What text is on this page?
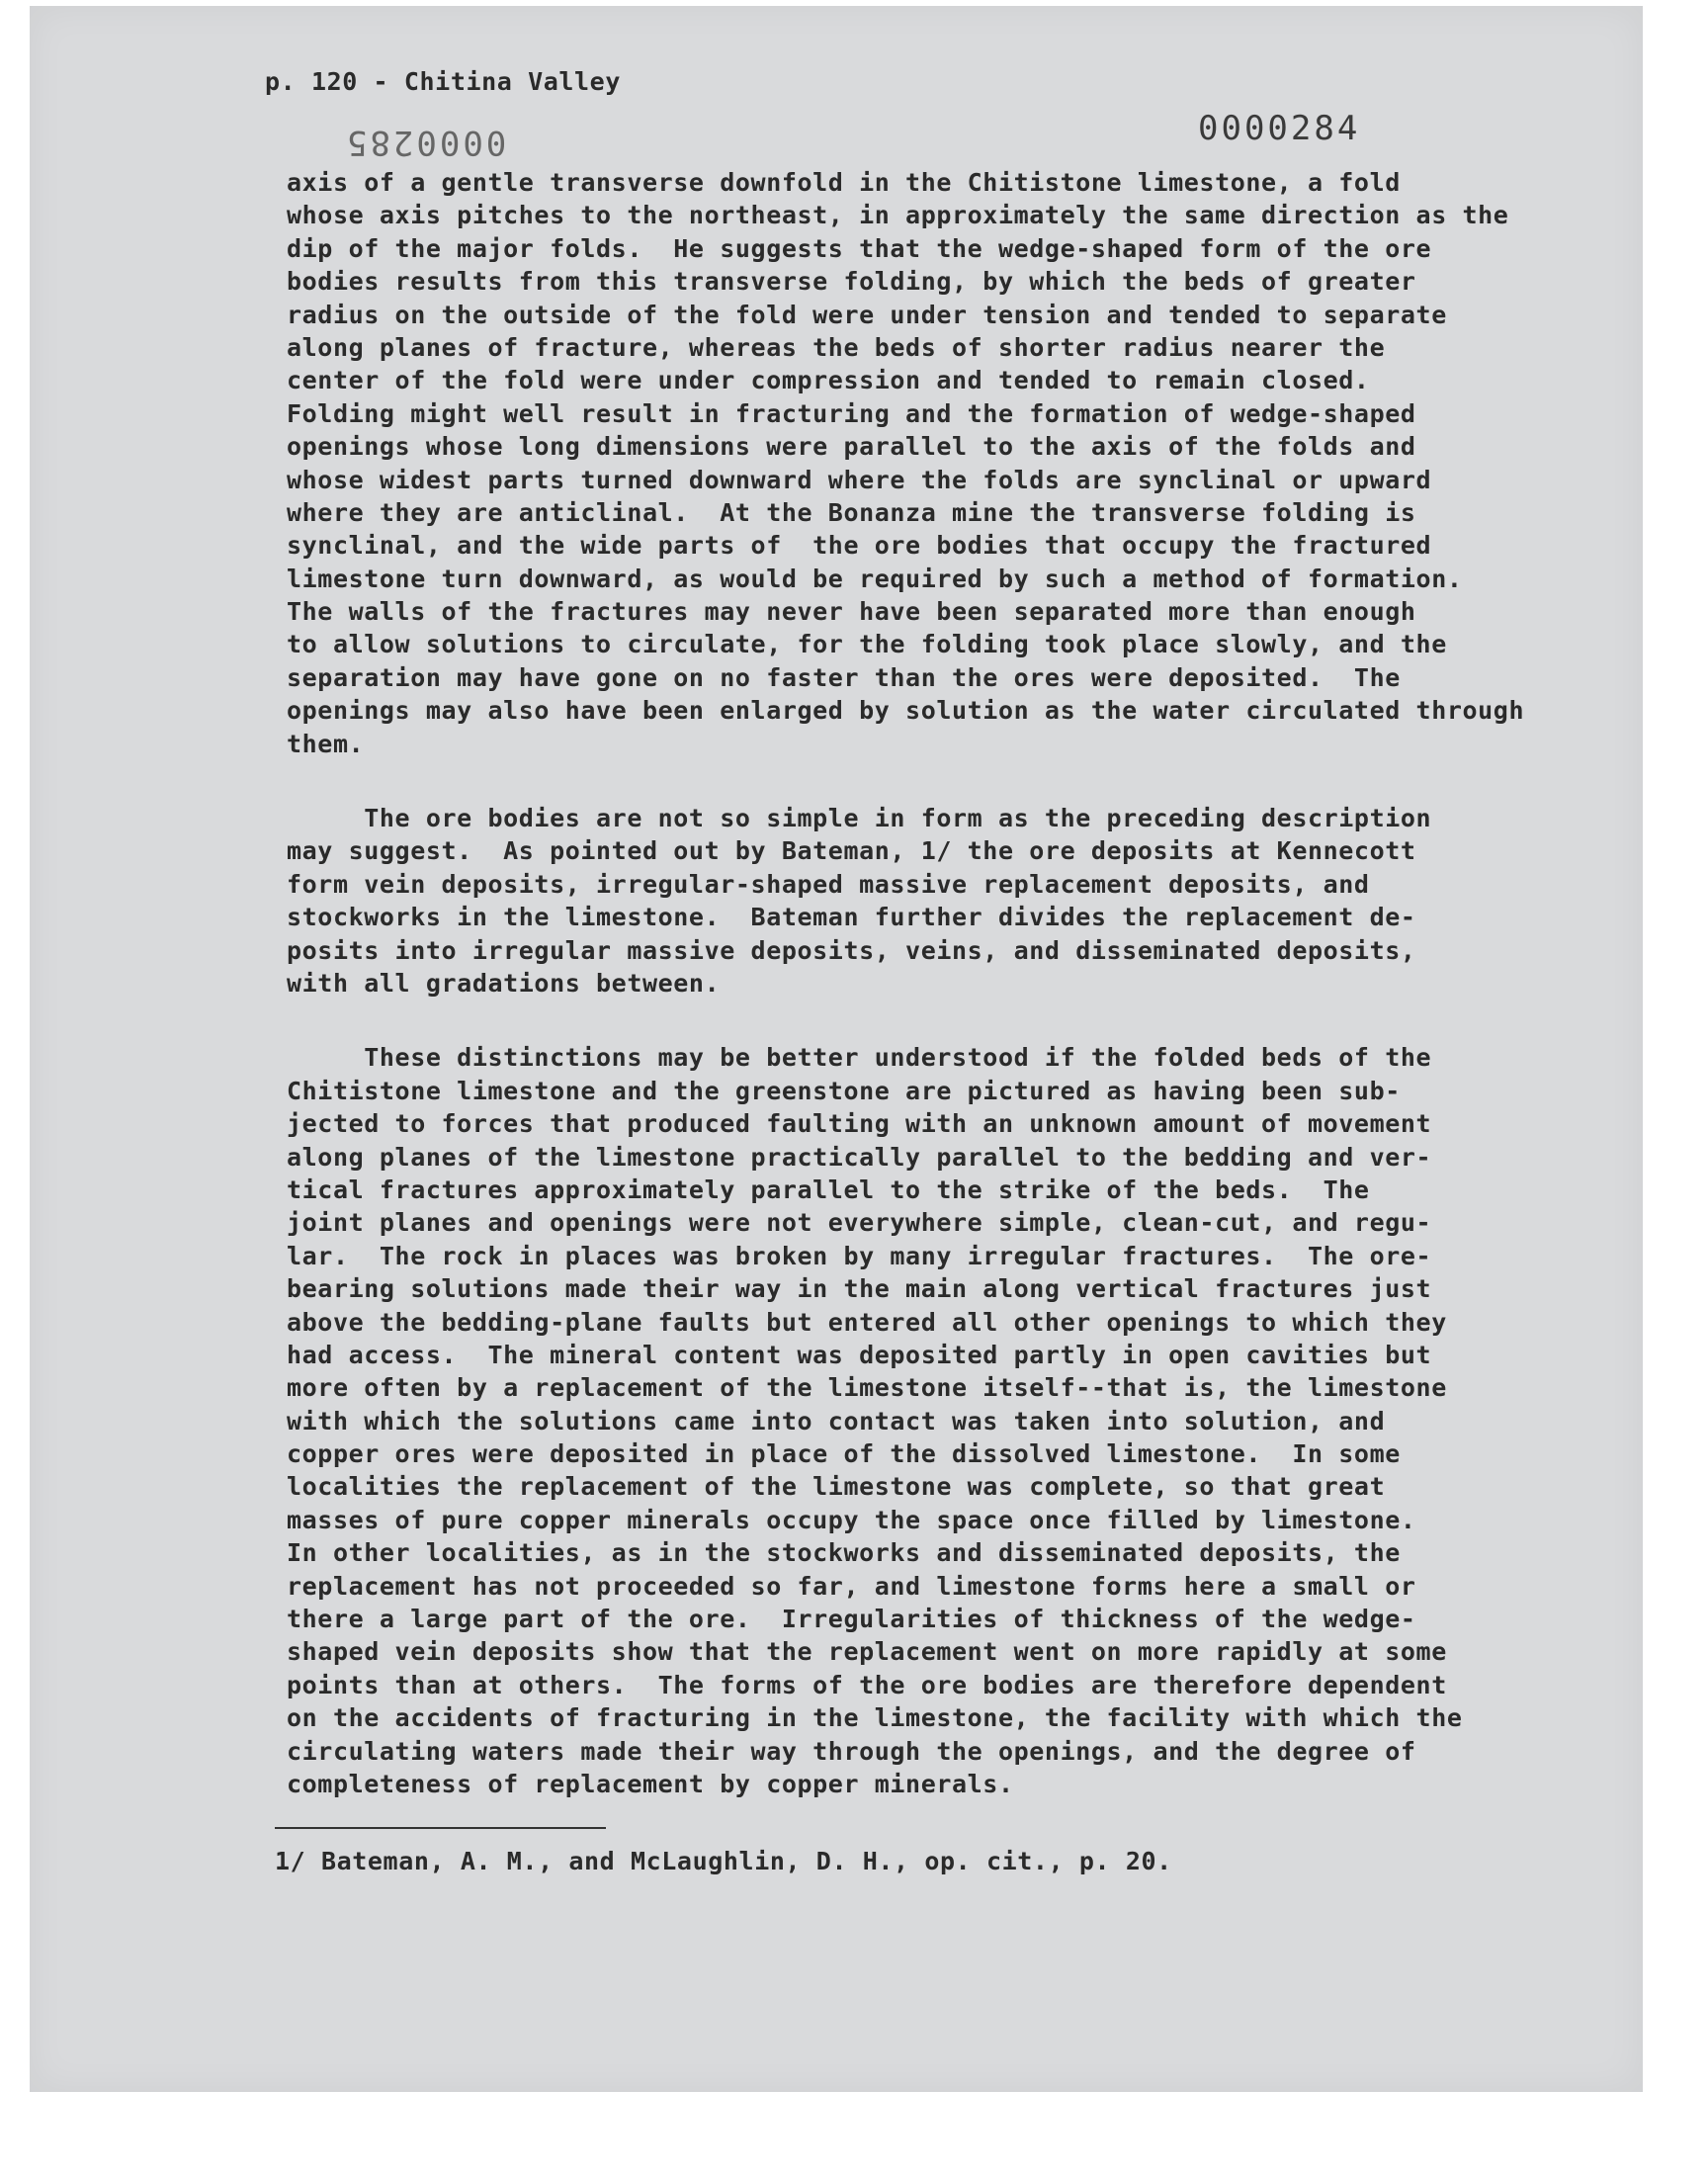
p. 120 - Chitina Valley
0000284
0000285
axis of a gentle transverse downfold in the Chitistone limestone, a fold
whose axis pitches to the northeast, in approximately the same direction as the
dip of the major folds.  He suggests that the wedge-shaped form of the ore
bodies results from this transverse folding, by which the beds of greater
radius on the outside of the fold were under tension and tended to separate
along planes of fracture, whereas the beds of shorter radius nearer the
center of the fold were under compression and tended to remain closed.
Folding might well result in fracturing and the formation of wedge-shaped
openings whose long dimensions were parallel to the axis of the folds and
whose widest parts turned downward where the folds are synclinal or upward
where they are anticlinal.  At the Bonanza mine the transverse folding is
synclinal, and the wide parts of  the ore bodies that occupy the fractured
limestone turn downward, as would be required by such a method of formation.
The walls of the fractures may never have been separated more than enough
to allow solutions to circulate, for the folding took place slowly, and the
separation may have gone on no faster than the ores were deposited.  The
openings may also have been enlarged by solution as the water circulated through
them.
The ore bodies are not so simple in form as the preceding description
may suggest.  As pointed out by Bateman, 1/ the ore deposits at Kennecott
form vein deposits, irregular-shaped massive replacement deposits, and
stockworks in the limestone.  Bateman further divides the replacement de-
posits into irregular massive deposits, veins, and disseminated deposits,
with all gradations between.
These distinctions may be better understood if the folded beds of the
Chitistone limestone and the greenstone are pictured as having been sub-
jected to forces that produced faulting with an unknown amount of movement
along planes of the limestone practically parallel to the bedding and ver-
tical fractures approximately parallel to the strike of the beds.  The
joint planes and openings were not everywhere simple, clean-cut, and regu-
lar.  The rock in places was broken by many irregular fractures.  The ore-
bearing solutions made their way in the main along vertical fractures just
above the bedding-plane faults but entered all other openings to which they
had access.  The mineral content was deposited partly in open cavities but
more often by a replacement of the limestone itself--that is, the limestone
with which the solutions came into contact was taken into solution, and
copper ores were deposited in place of the dissolved limestone.  In some
localities the replacement of the limestone was complete, so that great
masses of pure copper minerals occupy the space once filled by limestone.
In other localities, as in the stockworks and disseminated deposits, the
replacement has not proceeded so far, and limestone forms here a small or
there a large part of the ore.  Irregularities of thickness of the wedge-
shaped vein deposits show that the replacement went on more rapidly at some
points than at others.  The forms of the ore bodies are therefore dependent
on the accidents of fracturing in the limestone, the facility with which the
circulating waters made their way through the openings, and the degree of
completeness of replacement by copper minerals.
1/ Bateman, A. M., and McLaughlin, D. H., op. cit., p. 20.
